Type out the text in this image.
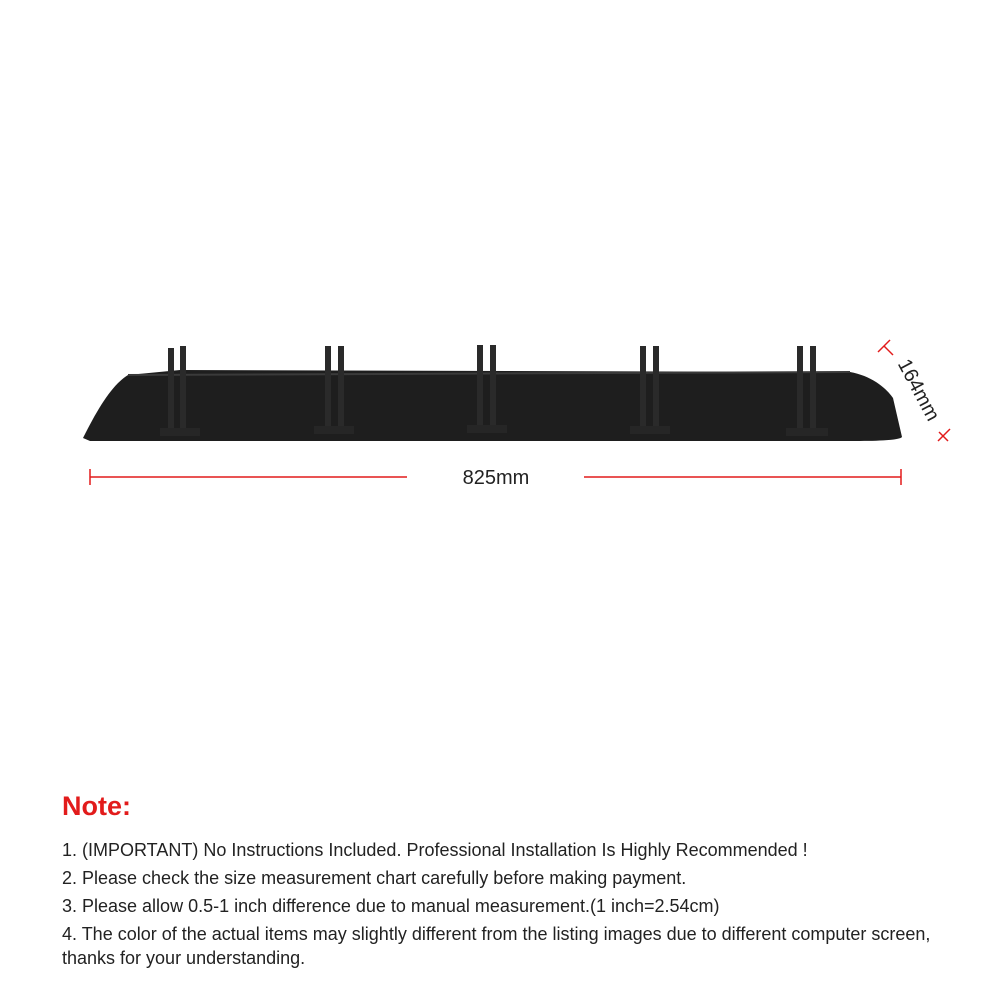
825mm
164mm
Note:

1. (IMPORTANT) No Instructions Included. Professional Installation Is Highly Recommended !

2. Please check the size measurement chart carefully before making payment.

3. Please allow 0.5-1 inch difference due to manual measurement.(1 inch=2.54cm)

4. The color of the actual items may slightly different from the listing images due to different computer screen, thanks for your understanding.
